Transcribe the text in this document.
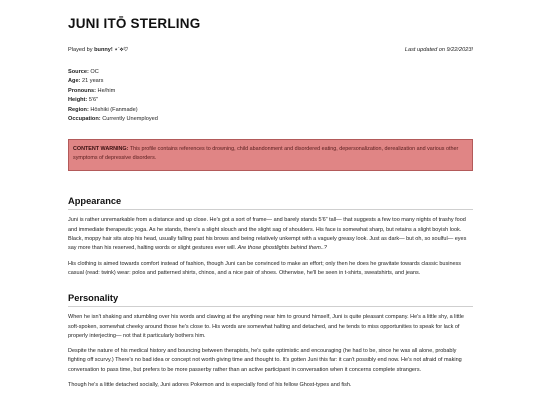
JUNI ITŌ STERLING
Played by bunny! ⋆˙⟡♡	Last updated on 9/22/2023!
Source: OC
Age: 21 years
Pronouns: He/him
Height: 5'6"
Region: Hōshiki (Fanmade)
Occupation: Currently Unemployed
CONTENT WARNING: This profile contains references to drowning, child abandonment and disordered eating, depersonalization, derealization and various other symptoms of depressive disorders.
Appearance

Juni is rather unremarkable from a distance and up close. He's got a sort of frame— and barely stands 5'6" tall— that suggests a few too many nights of trashy food and immediate therapeutic yoga. As he stands, there's a slight slouch and the slight sag of shoulders. His face is somewhat sharp, but retains a slight boyish look. Black, moppy hair sits atop his head, usually falling past his brows and being relatively unkempt with a vaguely greasy look. Just as dark— but oh, so soulful— eyes say more than his reserved, halting words or slight gestures ever will. Are those ghostlights behind them..?

His clothing is aimed towards comfort instead of fashion, though Juni can be convinced to make an effort; only then he does he gravitate towards classic business casual (read: twink) wear: polos and patterned shirts, chinos, and a nice pair of shoes. Otherwise, he'll be seen in t-shirts, sweatshirts, and jeans.

Personality

When he isn't shaking and stumbling over his words and clawing at the anything near him to ground himself, Juni is quite pleasant company. He's a little shy, a little soft-spoken, somewhat cheeky around those he's close to. His words are somewhat halting and detached, and he tends to miss opportunities to speak for lack of properly interjecting— not that it particularly bothers him.

Despite the nature of his medical history and bouncing between therapists, he's quite optimistic and encouraging (he had to be, since he was all alone, probably fighting off scurvy.) There's no bad idea or concept not worth giving time and thought to. It's gotten Juni this far: it can't possibly end now. He's not afraid of making conversation to pass time, but prefers to be more passerby rather than an active participant in conversation when it concerns complete strangers.

Though he's a little detached socially, Juni adores Pokemon and is especially fond of his fellow Ghost-types and fish.
